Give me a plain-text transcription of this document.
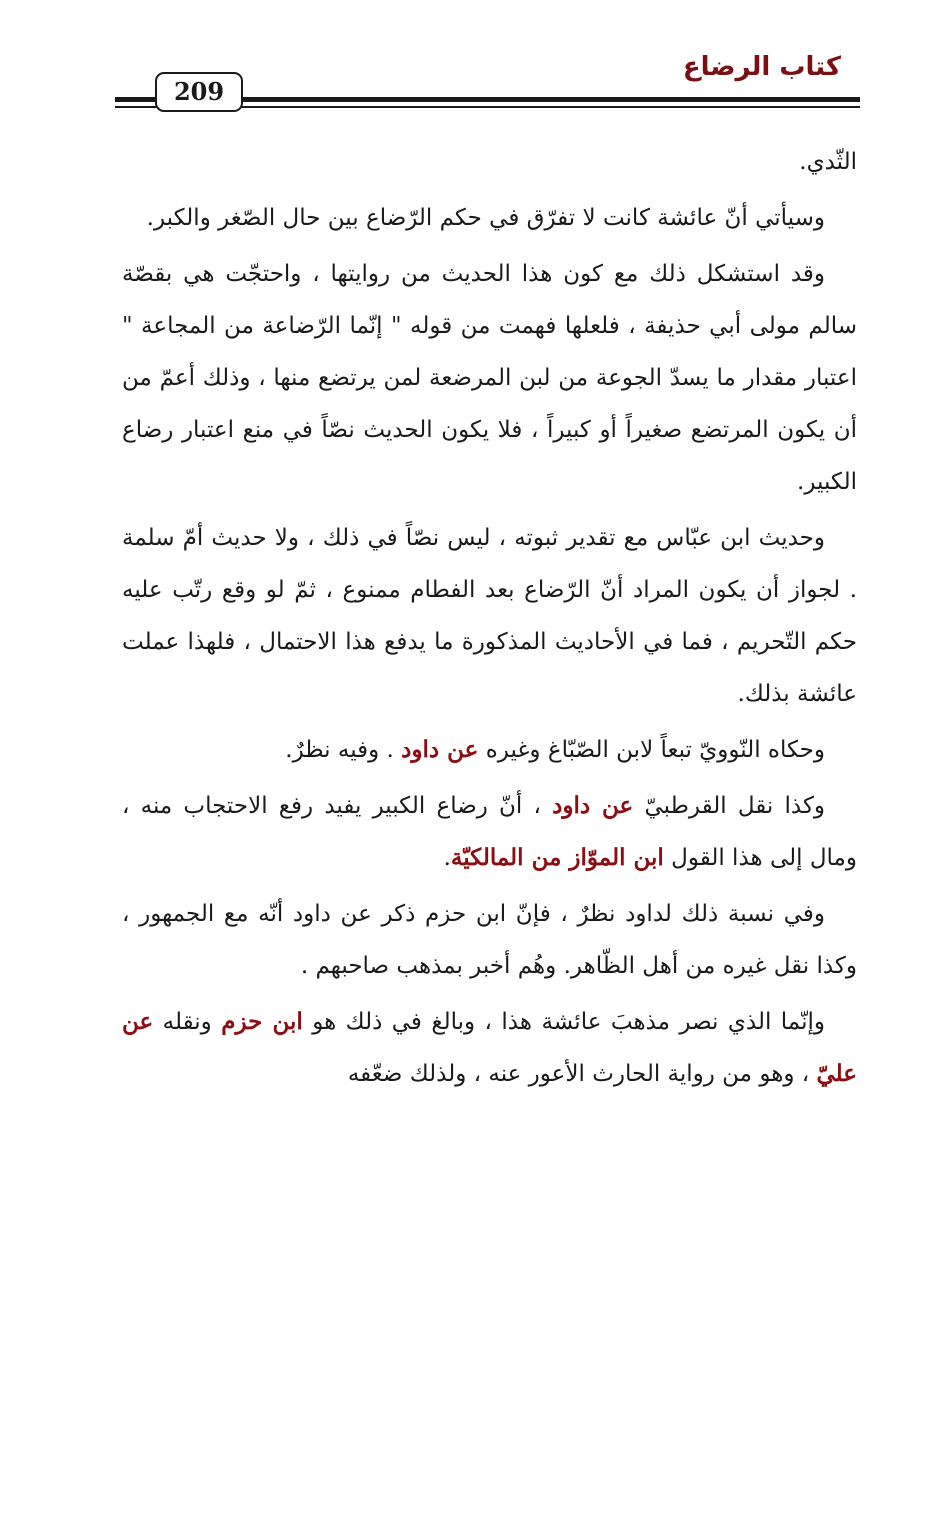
كتاب الرضاع
209

الثّدي.

وسيأتي أنّ عائشة كانت لا تفرّق في حكم الرّضاع بين حال الصّغر والكبر.

وقد استشكل ذلك مع كون هذا الحديث من روايتها ، واحتجّت هي بقصّة سالم مولى أبي حذيفة ، فلعلها فهمت من قوله " إنّما الرّضاعة من المجاعة " اعتبار مقدار ما يسدّ الجوعة من لبن المرضعة لمن يرتضع منها ، وذلك أعمّ من أن يكون المرتضع صغيراً أو كبيراً ، فلا يكون الحديث نصّاً في منع اعتبار رضاع الكبير.

وحديث ابن عبّاس مع تقدير ثبوته ، ليس نصّاً في ذلك ، ولا حديث أمّ سلمة . لجواز أن يكون المراد أنّ الرّضاع بعد الفطام ممنوع ، ثمّ لو وقع رتّب عليه حكم التّحريم ، فما في الأحاديث المذكورة ما يدفع هذا الاحتمال ، فلهذا عملت عائشة بذلك.

وحكاه النّوويّ تبعاً لابن الصّبّاغ وغيره عن داود . وفيه نظرٌ.

وكذا نقل القرطبيّ عن داود ، أنّ رضاع الكبير يفيد رفع الاحتجاب منه ، ومال إلى هذا القول ابن الموّاز من المالكيّة.

وفي نسبة ذلك لداود نظرٌ ، فإنّ ابن حزم ذكر عن داود أنّه مع الجمهور ، وكذا نقل غيره من أهل الظّاهر. وهُم أخبر بمذهب صاحبهم .

وإنّما الذي نصر مذهبَ عائشة هذا ، وبالغ في ذلك هو ابن حزم ونقله عن عليّ ، وهو من رواية الحارث الأعور عنه ، ولذلك ضعّفه
